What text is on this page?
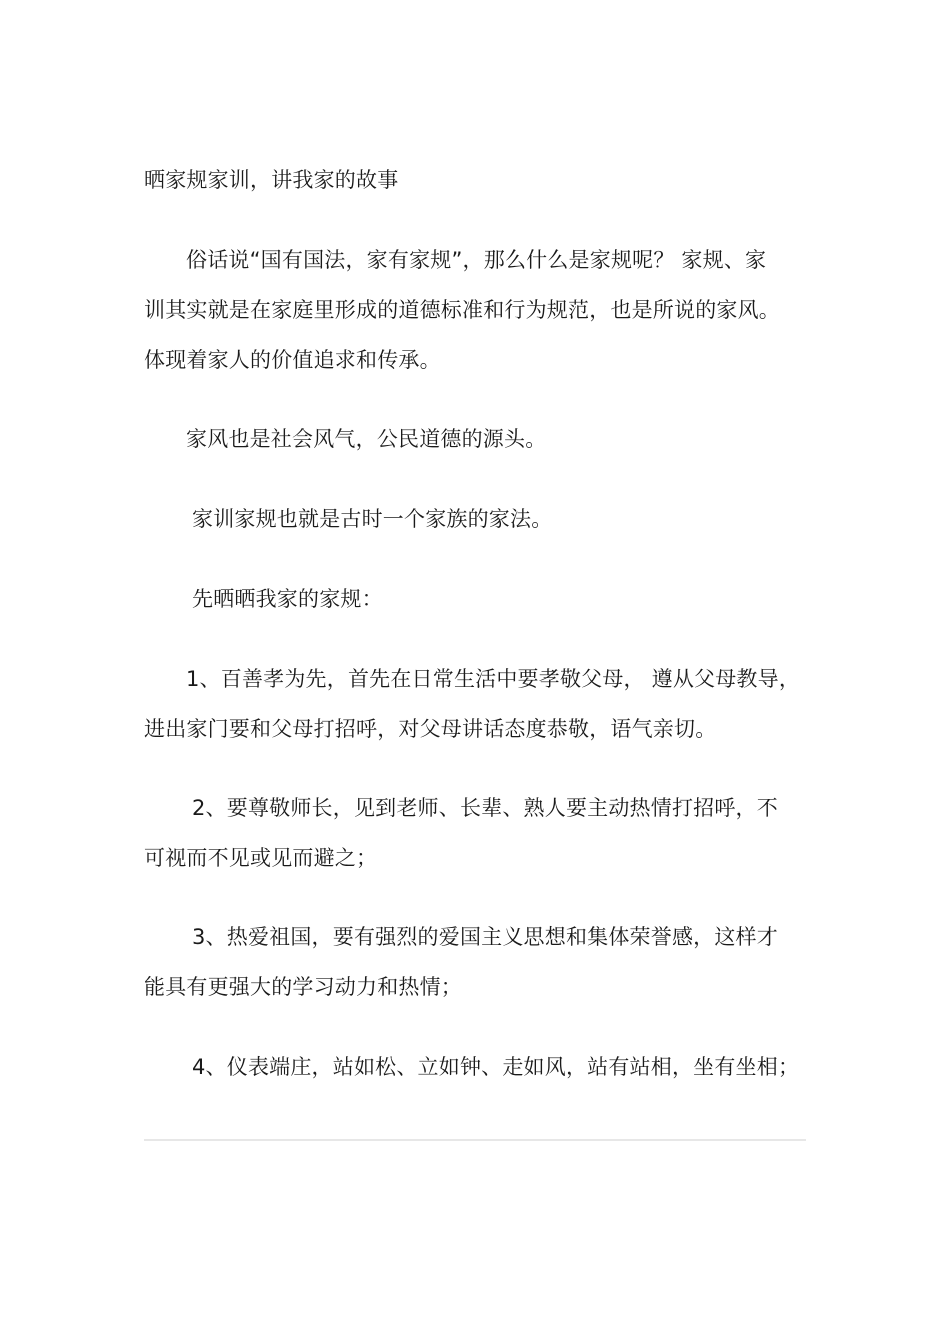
晒家规家训，讲我家的故事
俗话说“国有国法，家有家规”，那么什么是家规呢？ 家规、家
训其实就是在家庭里形成的道德标准和行为规范，也是所说的家风。
体现着家人的价值追求和传承。
家风也是社会风气，公民道德的源头。
家训家规也就是古时一个家族的家法。
先晒晒我家的家规：
1、百善孝为先，首先在日常生活中要孝敬父母， 遵从父母教导，
进出家门要和父母打招呼，对父母讲话态度恭敬，语气亲切。
2、要尊敬师长，见到老师、长辈、熟人要主动热情打招呼，不
可视而不见或见而避之；
3、热爱祖国，要有强烈的爱国主义思想和集体荣誉感，这样才
能具有更强大的学习动力和热情；
4、仪表端庄，站如松、立如钟、走如风，站有站相，坐有坐相；
